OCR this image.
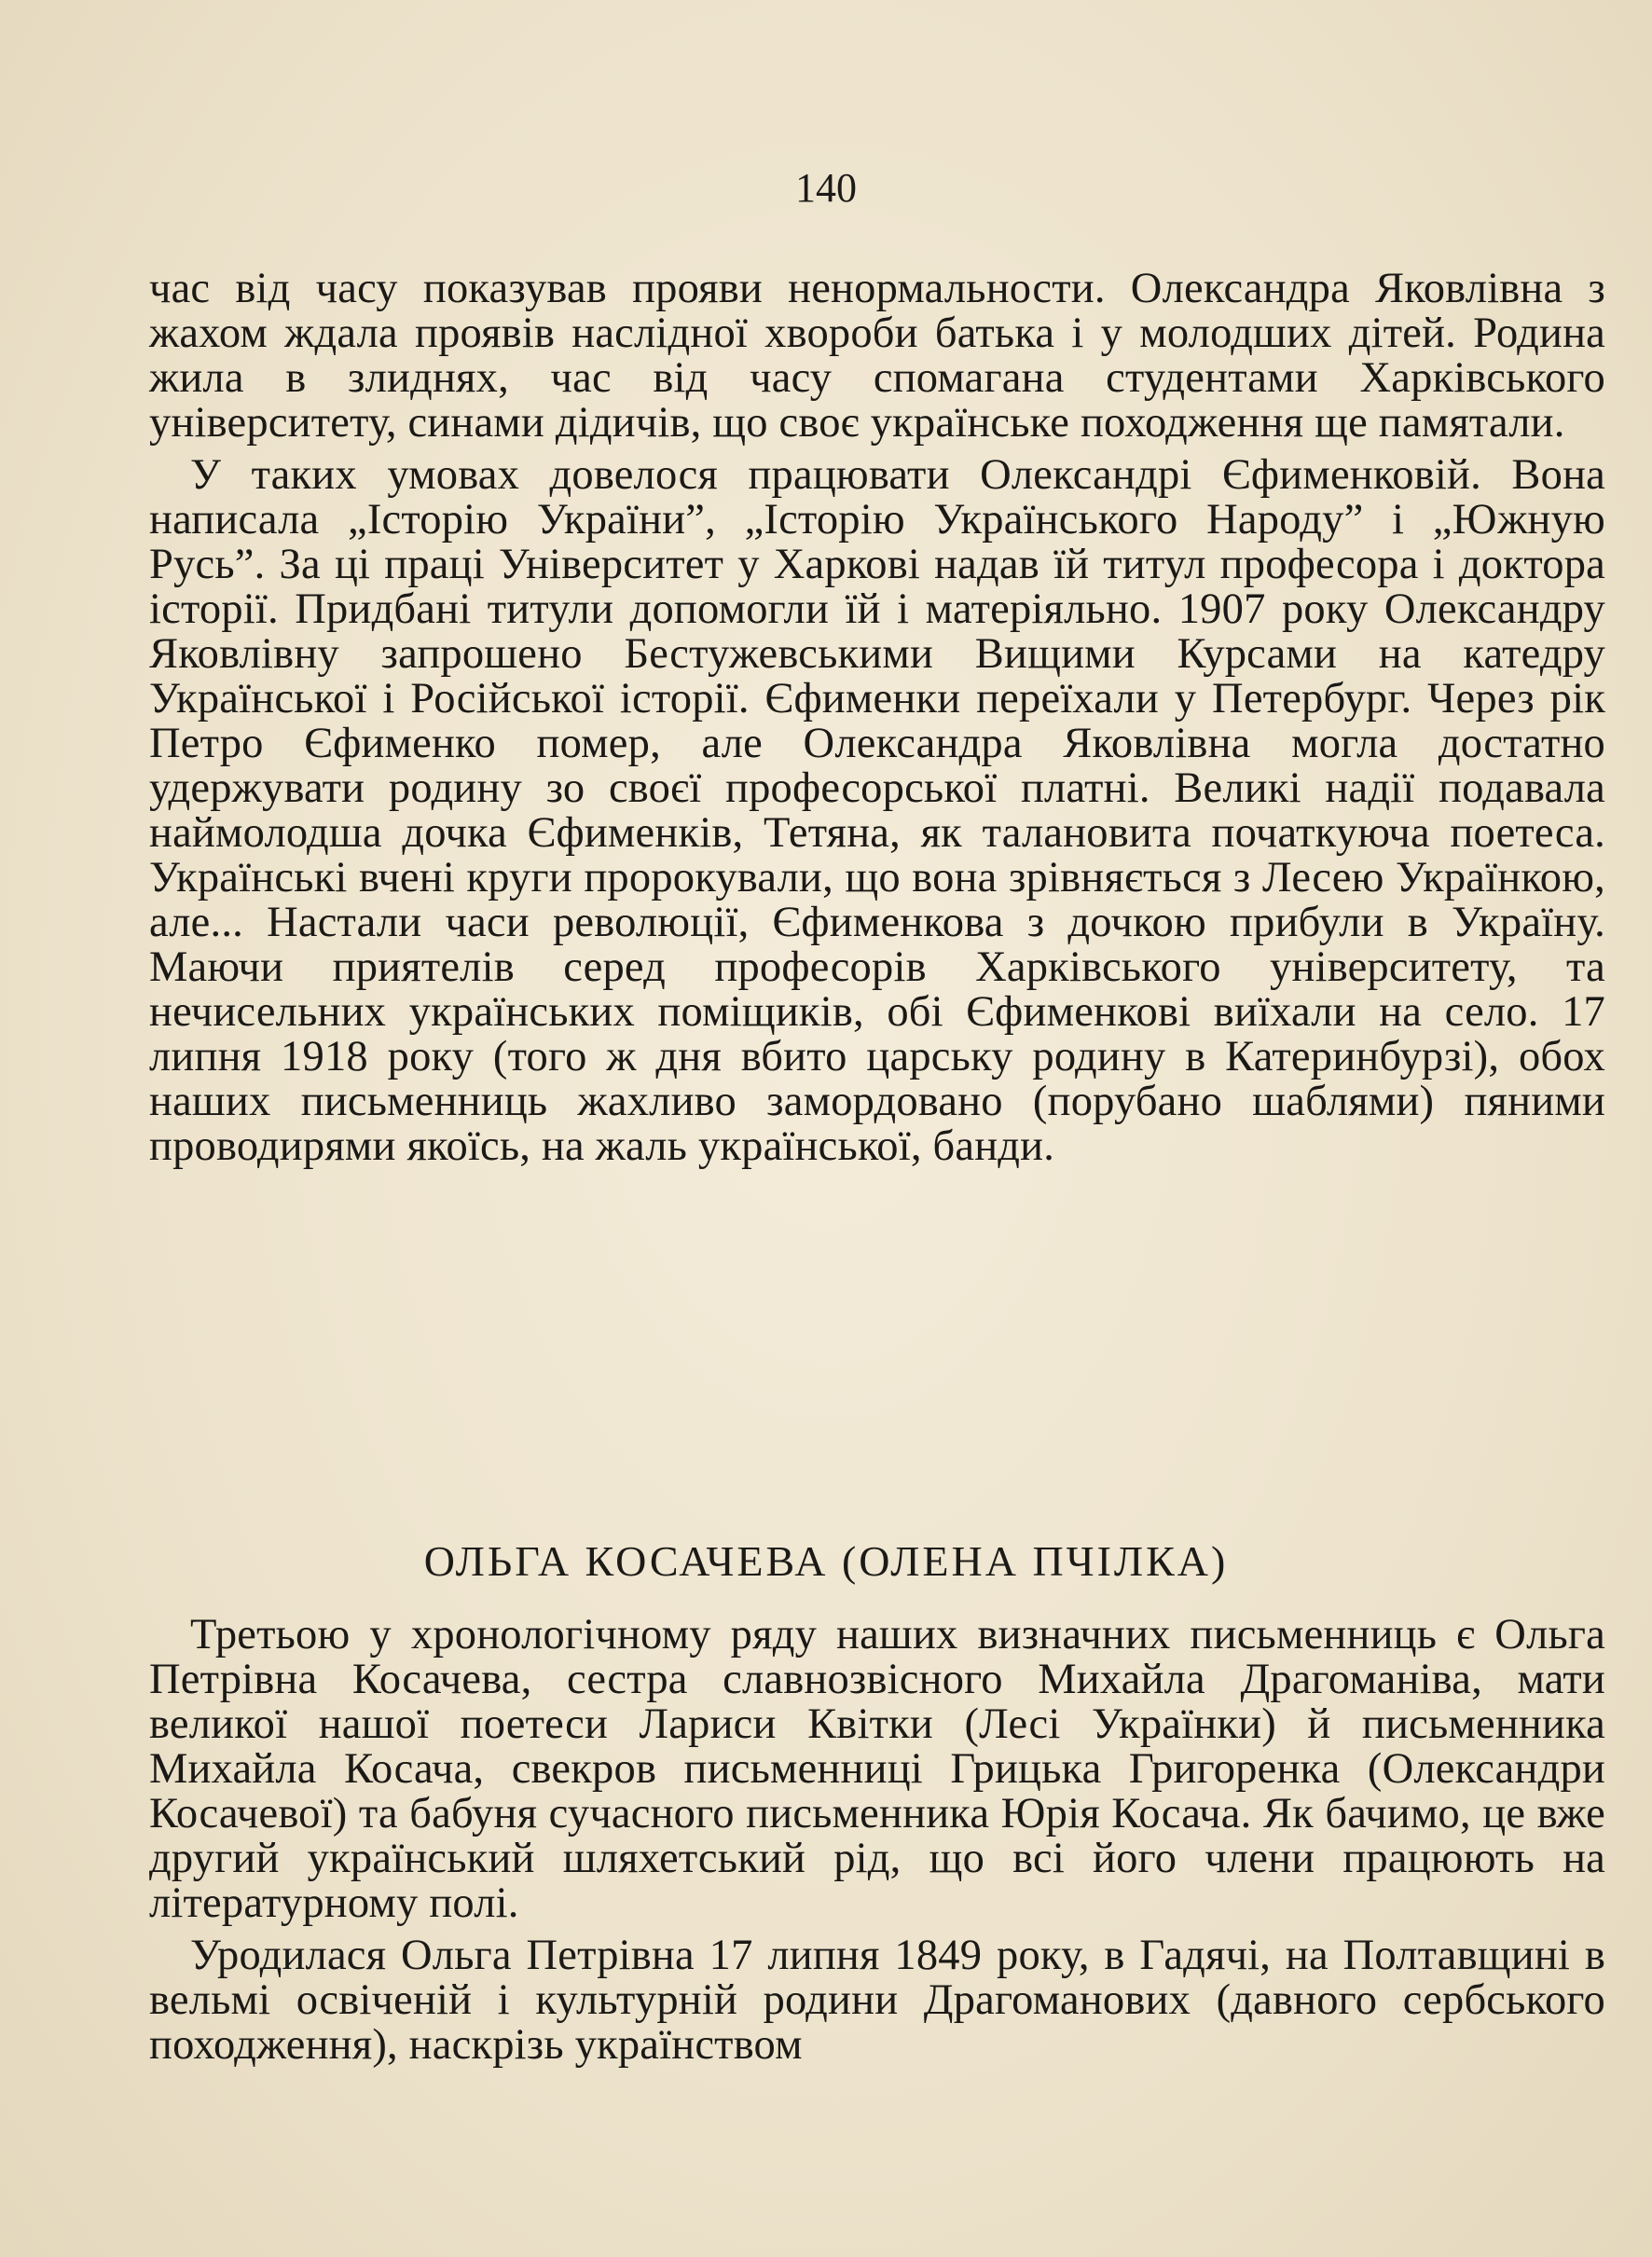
140

час від часу показував прояви ненормальности. Олександра Яковлівна з жахом ждала проявів наслідної хвороби батька і у молодших дітей. Родина жила в злиднях, час від часу спомагана студентами Харківського університету, синами дідичів, що своє українське походження ще памятали.

У таких умовах довелося працювати Олександрі Єфименковій. Вона написала „Історію України”, „Історію Українського Народу” і „Южную Русь”. За ці праці Університет у Харкові надав їй титул професора і доктора історії. Придбані титули допомогли їй і матеріяльно. 1907 року Олександру Яковлівну запрошено Бестужевськими Вищими Курсами на катедру Української і Російської історії. Єфименки переїхали у Петербург. Через рік Петро Єфименко помер, але Олександра Яковлівна могла достатно удержувати родину зо своєї професорської платні. Великі надії подавала наймолодша дочка Єфименків, Тетяна, як талановита початкуюча поетеса. Українські вчені круги пророкували, що вона зрівняється з Лесею Українкою, але... Настали часи революції, Єфименкова з дочкою прибули в Україну. Маючи приятелів серед професорів Харківського університету, та нечисельних українських поміщиків, обі Єфименкові виїхали на село. 17 липня 1918 року (того ж дня вбито царську родину в Катеринбурзі), обох наших письменниць жахливо замордовано (порубано шаблями) пяними проводирями якоїсь, на жаль української, банди.

ОЛЬГА КОСАЧЕВА (ОЛЕНА ПЧІЛКА)

Третьою у хронологічному ряду наших визначних письменниць є Ольга Петрівна Косачева, сестра славнозвісного Михайла Драгоманіва, мати великої нашої поетеси Лариси Квітки (Лесі Українки) й письменника Михайла Косача, свекров письменниці Грицька Григоренка (Олександри Косачевої) та бабуня сучасного письменника Юрія Косача. Як бачимо, це вже другий український шляхетський рід, що всі його члени працюють на літературному полі.

Уродилася Ольга Петрівна 17 липня 1849 року, в Гадячі, на Полтавщині в вельмі освіченій і культурній родини Драгоманових (давного сербського походження), наскрізь українством
